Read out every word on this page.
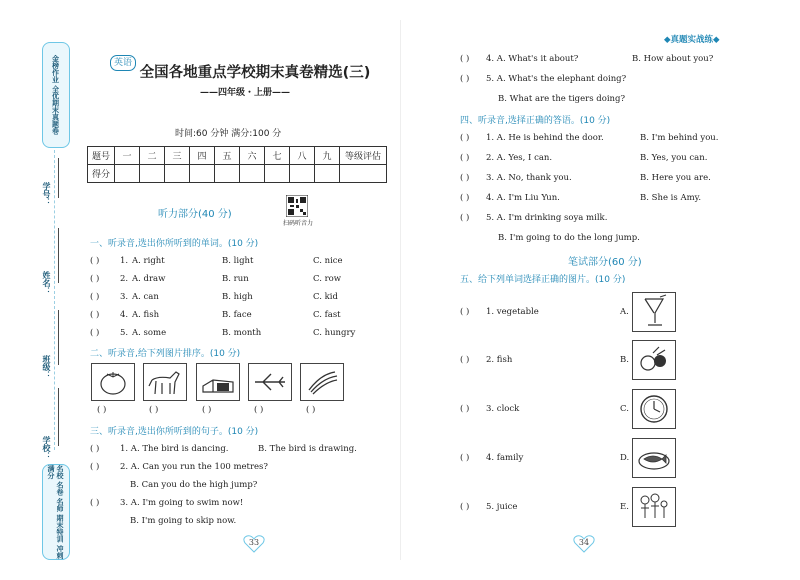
金榜作业 全优期末真题卷
学号：
姓名：
班级：
学校：
名校 名卷 名师 期末特训 冲刺满分
英语
全国各地重点学校期末真卷精选(三)
——四年级・上册——
时间:60 分钟 满分:100 分
题号	一	二	三	四	五	六	七	八	九	等级评估
得分										
听力部分(40 分)
扫码听音力
一、听录音,选出你所听到的单词。(10 分)
( ) 1. A. right	B. light	C. nice
( ) 2. A. draw	B. run	C. row
( ) 3. A. can	B. high	C. kid
( ) 4. A. fish	B. face	C. fast
( ) 5. A. some	B. month	C. hungry
二、听录音,给下列图片排序。(10 分)
( )	( )	( )	( )	( )
三、听录音,选出你所听到的句子。(10 分)
( ) 1. A. The bird is dancing.	B. The bird is drawing.
( ) 2. A. Can you run the 100 metres?
B. Can you do the high jump?
( ) 3. A. I'm going to swim now!
B. I'm going to skip now.
33
◆真题实战练◆
( ) 4. A. What's it about?	B. How about you?
( ) 5. A. What's the elephant doing?
B. What are the tigers doing?
四、听录音,选择正确的答语。(10 分)
( ) 1. A. He is behind the door.	B. I'm behind you.
( ) 2. A. Yes, I can.	B. Yes, you can.
( ) 3. A. No, thank you.	B. Here you are.
( ) 4. A. I'm Liu Yun.	B. She is Amy.
( ) 5. A. I'm drinking soya milk.
B. I'm going to do the long jump.
笔试部分(60 分)
五、给下列单词选择正确的图片。(10 分)
( ) 1. vegetable	A.
( ) 2. fish	B.
( ) 3. clock	C.
( ) 4. family	D.
( ) 5. juice	E.
34
